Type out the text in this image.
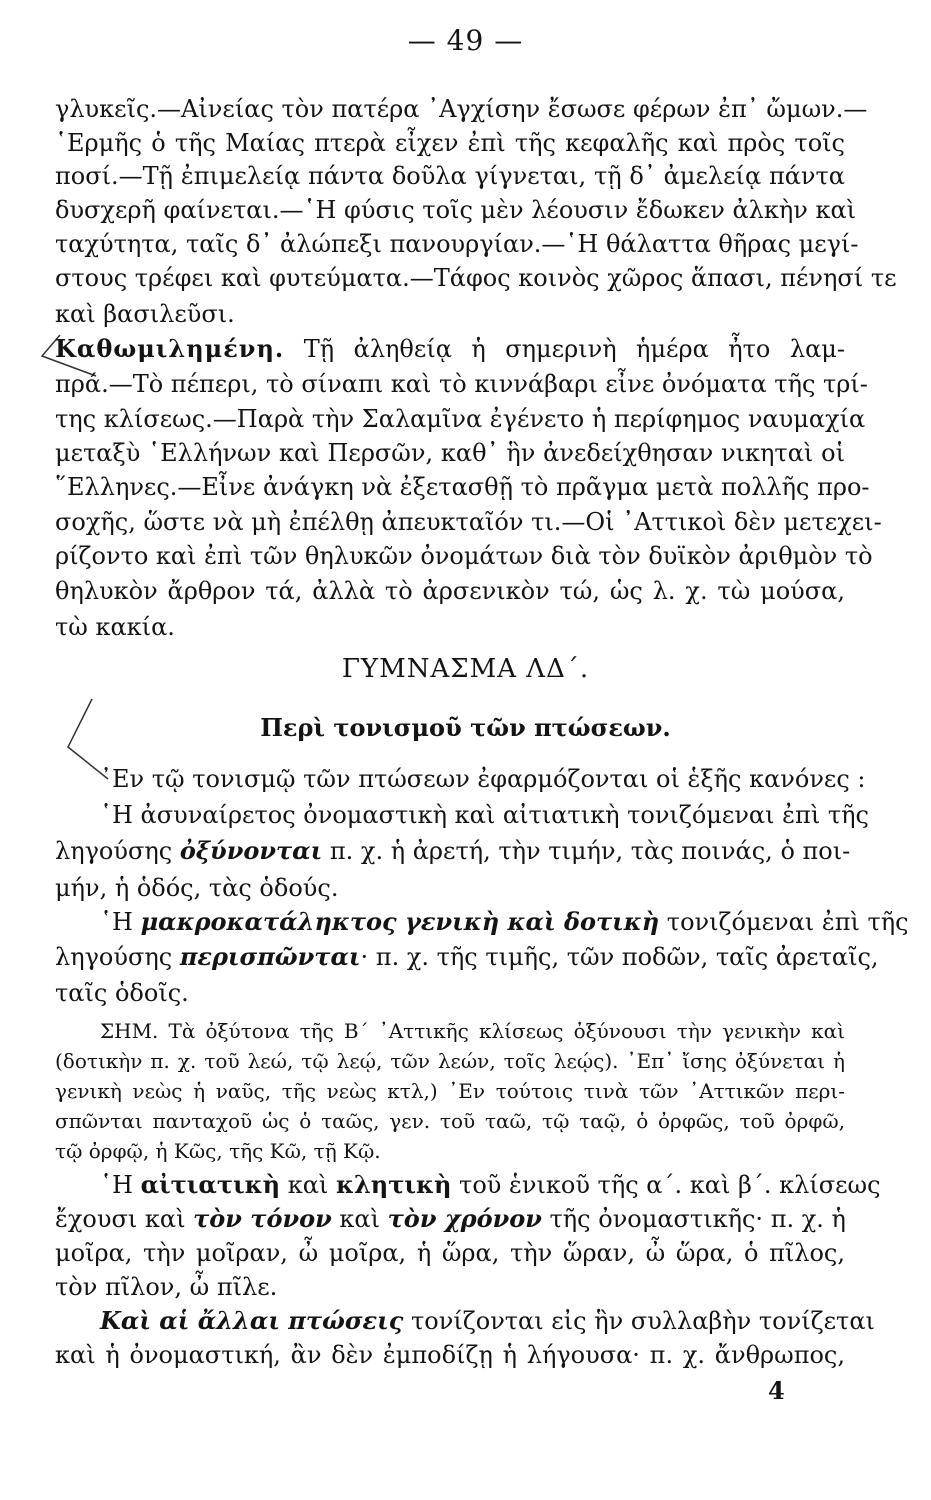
— 49 —
γλυκεῖς.—Αἰνείας τὸν πατέρα ᾿Αγχίσην ἔσωσε φέρων ἐπ᾿ ὤμων.—
῾Ερμῆς ὁ τῆς Μαίας πτερὰ εἶχεν ἐπὶ τῆς κεφαλῆς καὶ πρὸς τοῖς
ποσί.—Τῇ ἐπιμελείᾳ πάντα δοῦλα γίγνεται, τῇ δ᾿ ἀμελείᾳ πάντα
δυσχερῆ φαίνεται.—῾Η φύσις τοῖς μὲν λέουσιν ἔδωκεν ἀλκὴν καὶ
ταχύτητα, ταῖς δ᾿ ἀλώπεξι πανουργίαν.—῾Η θάλαττα θῆρας μεγί-
στους τρέφει καὶ φυτεύματα.—Τάφος κοινὸς χῶρος ἅπασι, πένησί τε
καὶ βασιλεῦσι.
Καθωμιλημένη. Τῇ ἀληθείᾳ ἡ σημερινὴ ἡμέρα ἦτο λαμ-
πρά.—Τὸ πέπερι, τὸ σίναπι καὶ τὸ κιννάβαρι εἶνε ὀνόματα τῆς τρί-
της κλίσεως.—Παρὰ τὴν Σαλαμῖνα ἐγένετο ἡ περίφημος ναυμαχία
μεταξὺ ῾Ελλήνων καὶ Περσῶν, καθ᾿ ἣν ἀνεδείχθησαν νικηταὶ οἱ
῞Ελληνες.—Εἶνε ἀνάγκη νὰ ἐξετασθῇ τὸ πρᾶγμα μετὰ πολλῆς προ-
σοχῆς, ὥστε νὰ μὴ ἐπέλθῃ ἀπευκταῖόν τι.—Οἱ ᾿Αττικοὶ δὲν μετεχει-
ρίζοντο καὶ ἐπὶ τῶν θηλυκῶν ὀνομάτων διὰ τὸν δυϊκὸν ἀριθμὸν τὸ
θηλυκὸν ἄρθρον τά, ἀλλὰ τὸ ἀρσενικὸν τώ, ὡς λ. χ. τὼ μούσα,
τὼ κακία.
ΓΥΜΝΑΣΜΑ ΛΔ΄.
Περὶ τονισμοῦ τῶν πτώσεων.
᾿Εν τῷ τονισμῷ τῶν πτώσεων ἐφαρμόζονται οἱ ἑξῆς κανόνες :
῾Η ἀσυναίρετος ὀνομαστικὴ καὶ αἰτιατικὴ τονιζόμεναι ἐπὶ τῆς
ληγούσης ὀξύνονται π. χ. ἡ ἀρετή, τὴν τιμήν, τὰς ποινάς, ὁ ποι-
μήν, ἡ ὁδός, τὰς ὁδούς.
῾Η μακροκατάληκτος γενικὴ καὶ δοτικὴ τονιζόμεναι ἐπὶ τῆς
ληγούσης περισπῶνται· π. χ. τῆς τιμῆς, τῶν ποδῶν, ταῖς ἀρεταῖς,
ταῖς ὁδοῖς.
ΣΗΜ. Τὰ ὀξύτονα τῆς Β΄ ᾿Αττικῆς κλίσεως ὀξύνουσι τὴν γενικὴν καὶ
(δοτικὴν π. χ. τοῦ λεώ, τῷ λεῴ, τῶν λεών, τοῖς λεῴς). ᾿Επ᾿ ἴσης ὀξύνεται ἡ
γενικὴ νεὼς ἡ ναῦς, τῆς νεὼς κτλ,) ᾿Εν τούτοις τινὰ τῶν ᾿Αττικῶν περι-
σπῶνται πανταχοῦ ὡς ὁ ταῶς, γεν. τοῦ ταῶ, τῷ ταῷ, ὁ ὀρφῶς, τοῦ ὀρφῶ,
τῷ ὀρφῷ, ἡ Κῶς, τῆς Κῶ, τῇ Κῷ.
῾Η αἰτιατικὴ καὶ κλητικὴ τοῦ ἑνικοῦ τῆς α΄. καὶ β΄. κλίσεως
ἔχουσι καὶ τὸν τόνον καὶ τὸν χρόνον τῆς ὀνομαστικῆς· π. χ. ἡ
μοῖρα, τὴν μοῖραν, ὦ μοῖρα, ἡ ὥρα, τὴν ὥραν, ὦ ὥρα, ὁ πῖλος,
τὸν πῖλον, ὦ πῖλε.
Καὶ αἱ ἄλλαι πτώσεις τονίζονται εἰς ἣν συλλαβὴν τονίζεται
καὶ ἡ ὀνομαστική, ἂν δὲν ἐμποδίζῃ ἡ λήγουσα· π. χ. ἄνθρωπος,
4
